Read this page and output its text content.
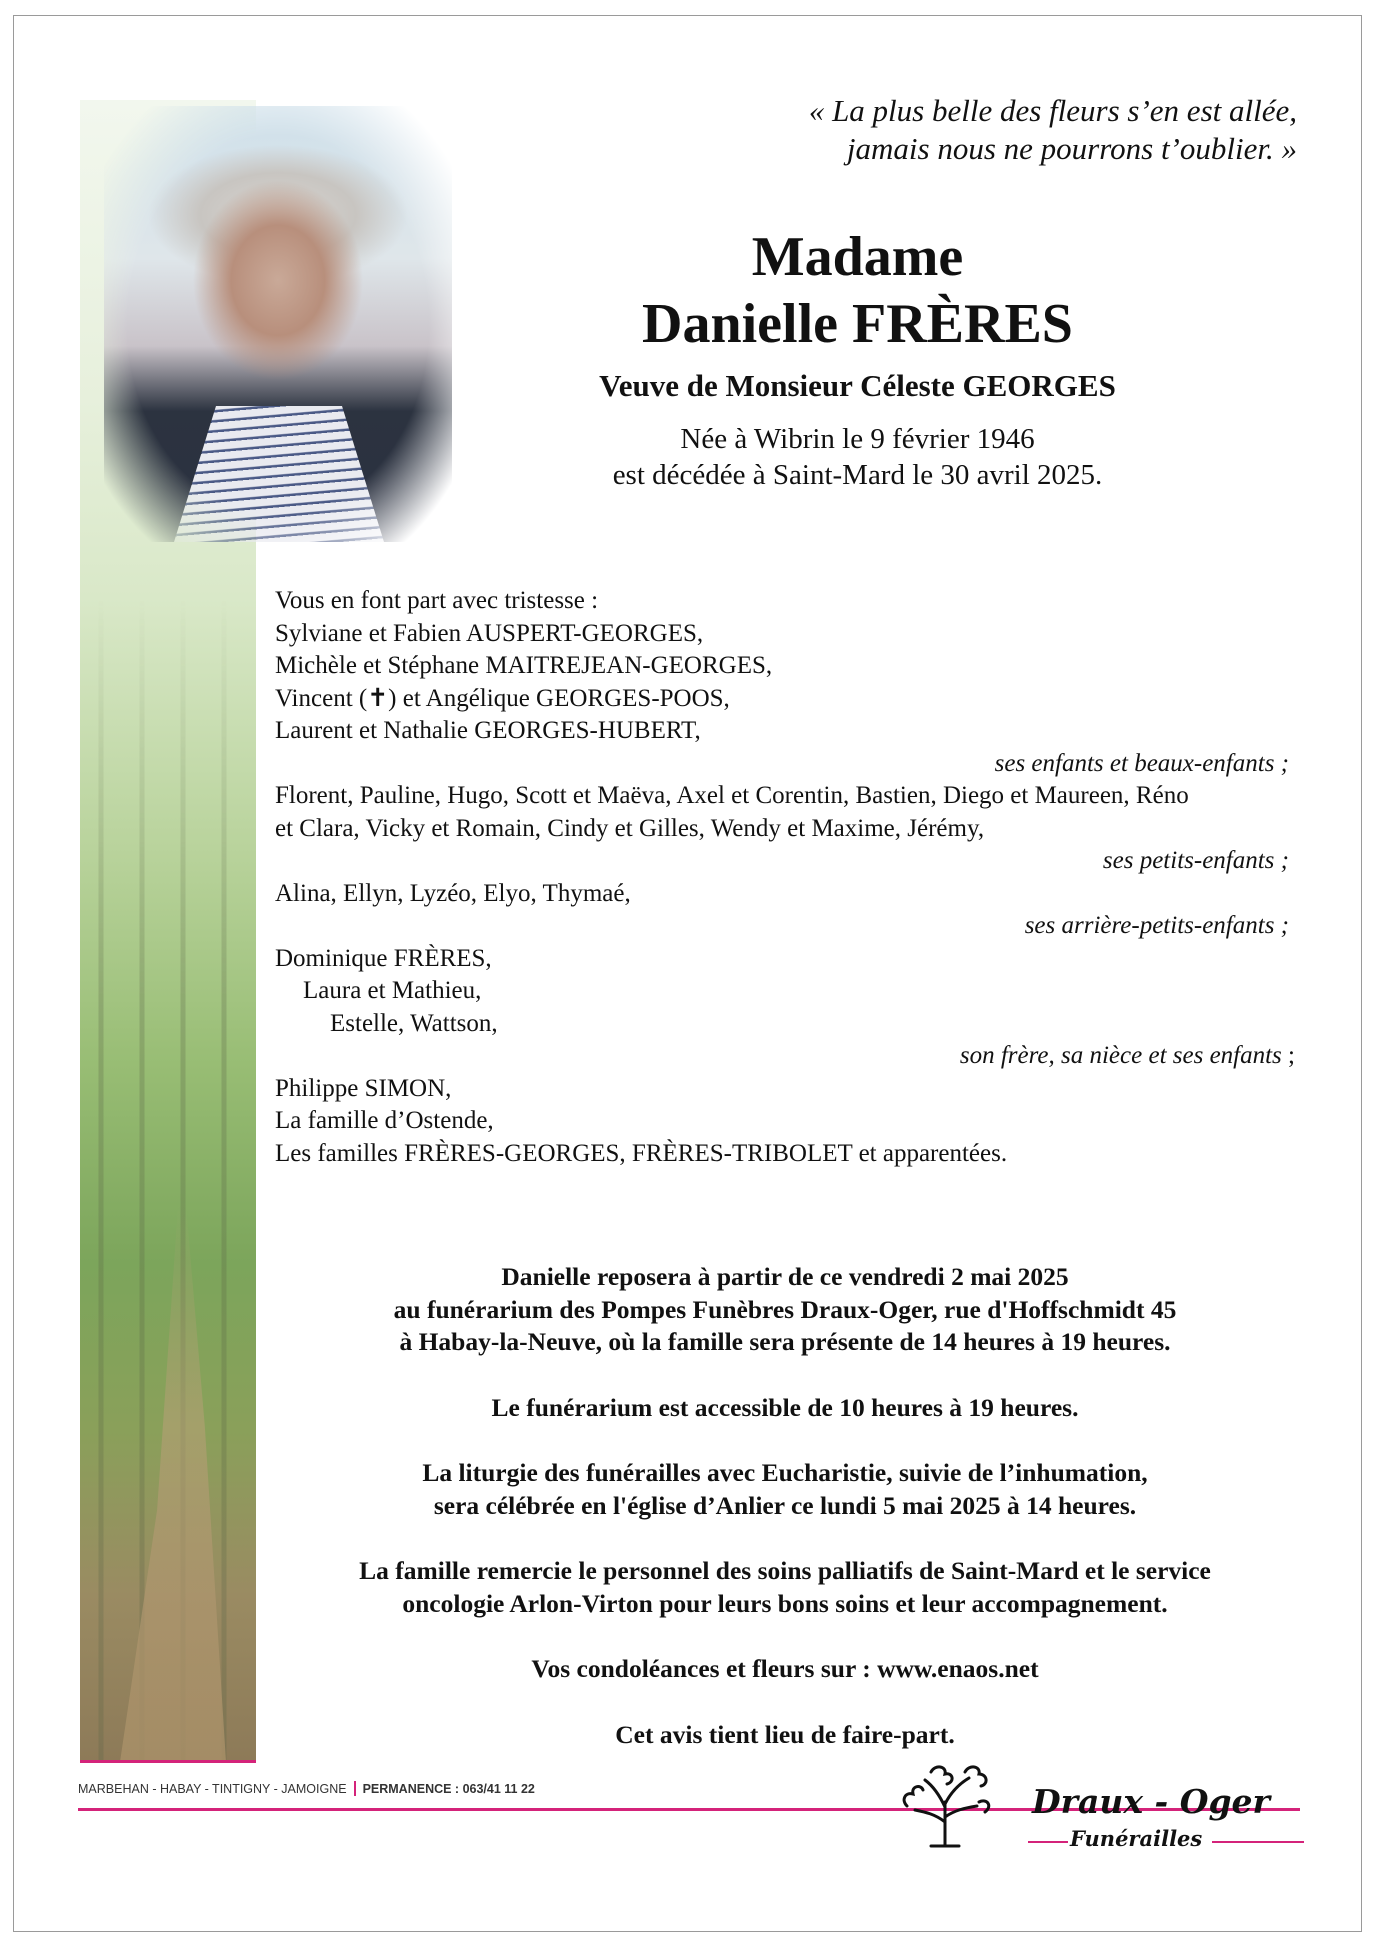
« La plus belle des fleurs s’en est allée,
jamais nous ne pourrons t’oublier. »
Madame
Danielle FRÈRES
Veuve de Monsieur Céleste GEORGES
Née à Wibrin le 9 février 1946
est décédée à Saint-Mard le 30 avril 2025.
Vous en font part avec tristesse :
Sylviane et Fabien AUSPERT-GEORGES,
Michèle et Stéphane MAITREJEAN-GEORGES,
Vincent (✝) et Angélique GEORGES-POOS,
Laurent et Nathalie GEORGES-HUBERT,
ses enfants et beaux-enfants ;
Florent, Pauline, Hugo, Scott et Maëva, Axel et Corentin, Bastien, Diego et Maureen, Réno
et Clara, Vicky et Romain, Cindy et Gilles, Wendy et Maxime, Jérémy,
ses petits-enfants ;
Alina, Ellyn, Lyzéo, Elyo, Thymaé,
ses arrière-petits-enfants ;
Dominique FRÈRES,
Laura et Mathieu,
Estelle, Wattson,
son frère, sa nièce et ses enfants ;
Philippe SIMON,
La famille d’Ostende,
Les familles FRÈRES-GEORGES, FRÈRES-TRIBOLET et apparentées.
Danielle reposera à partir de ce vendredi 2 mai 2025
au funérarium des Pompes Funèbres Draux-Oger, rue d'Hoffschmidt 45
à Habay-la-Neuve, où la famille sera présente de 14 heures à 19 heures.
Le funérarium est accessible de 10 heures à 19 heures.
La liturgie des funérailles avec Eucharistie, suivie de l’inhumation,
sera célébrée en l'église d’Anlier ce lundi 5 mai 2025 à 14 heures.
La famille remercie le personnel des soins palliatifs de Saint-Mard et le service
oncologie Arlon-Virton pour leurs bons soins et leur accompagnement.
Vos condoléances et fleurs sur : www.enaos.net
Cet avis tient lieu de faire-part.
MARBEHAN - HABAY - TINTIGNY - JAMOIGNE PERMANENCE : 063/41 11 22	Draux - Oger
Funérailles
